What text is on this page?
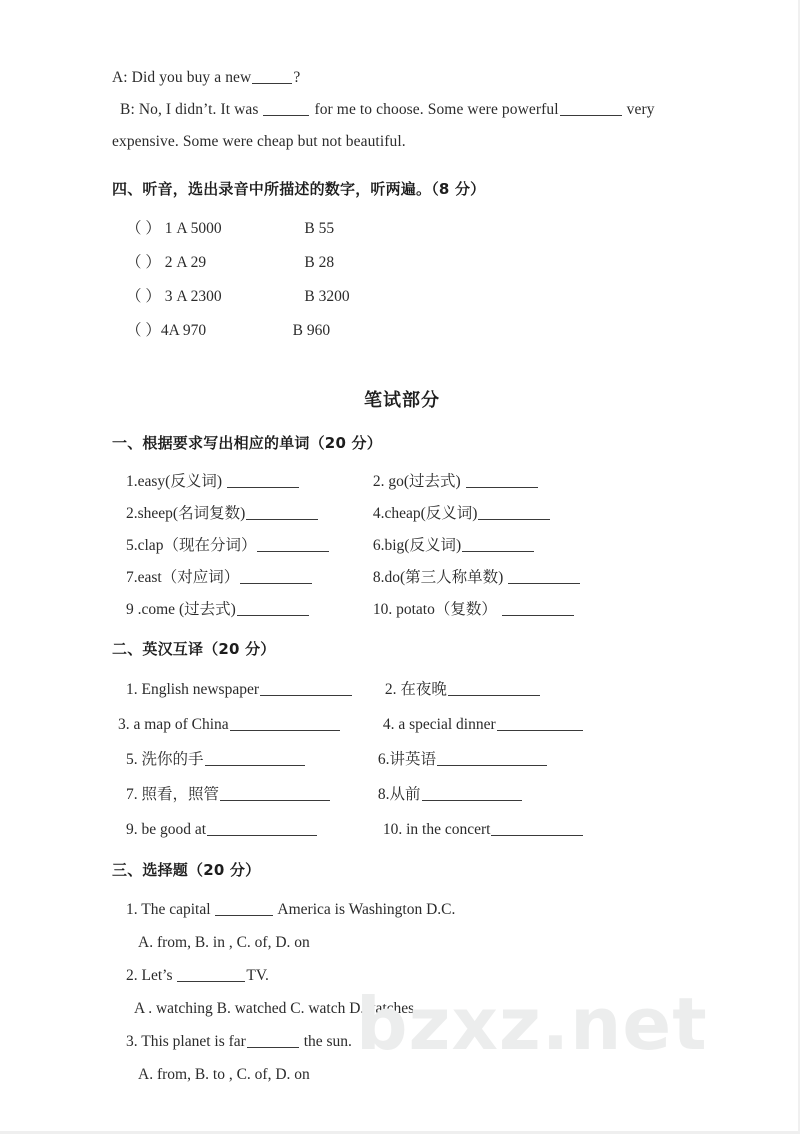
A: Did you buy a new	?
B: No, I didn’t. It was	for me to choose. Some were powerful	very
expensive. Some were cheap but not beautiful.
四、听音，选出录音中所描述的数字，听两遍。（8 分）
（ ） 1 A 5000	B 55
（ ） 2 A 29	B 28
（ ） 3 A 2300	B 3200
（ ）4A 970	B 960
笔试部分
一、根据要求写出相应的单词（20 分）
1.easy(反义词)	2. go(过去式)
2.sheep(名词复数)	4.cheap(反义词)
5.clap（现在分词）	6.big(反义词)
7.east（对应词）	8.do(第三人称单数)
9 .come (过去式)	10. potato（复数）
二、英汉互译（20 分）
1. English newspaper	2. 在夜晚
3. a map of China	4. a special dinner
5. 洗你的手	6.讲英语
7. 照看，照管	8.从前
9. be good at	10. in the concert
三、选择题（20 分）
1. The capital	America is Washington D.C.
A. from, B. in , C. of, D. on
2. Let’s	TV.
A . watching B. watched C. watch D.watches
3. This planet is far	the sun.
A. from, B. to , C. of, D. on
bzxz.net
